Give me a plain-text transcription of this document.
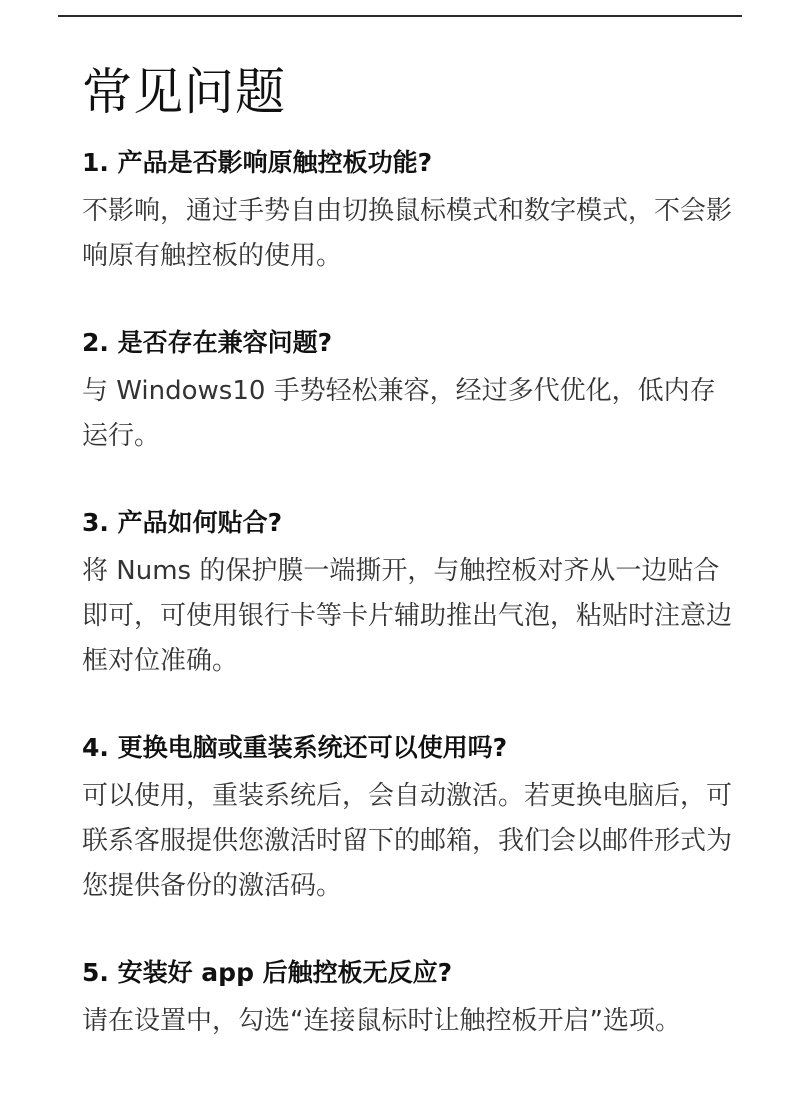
常见问题
1. 产品是否影响原触控板功能?

不影响，通过手势自由切换鼠标模式和数字模式，不会影响原有触控板的使用。

2. 是否存在兼容问题?

与 Windows10 手势轻松兼容，经过多代优化，低内存运行。

3. 产品如何贴合?

将 Nums 的保护膜一端撕开，与触控板对齐从一边贴合即可，可使用银行卡等卡片辅助推出气泡，粘贴时注意边框对位准确。

4. 更换电脑或重装系统还可以使用吗?

可以使用，重装系统后，会自动激活。若更换电脑后，可联系客服提供您激活时留下的邮箱，我们会以邮件形式为您提供备份的激活码。

5. 安装好 app 后触控板无反应?

请在设置中，勾选“连接鼠标时让触控板开启”选项。
